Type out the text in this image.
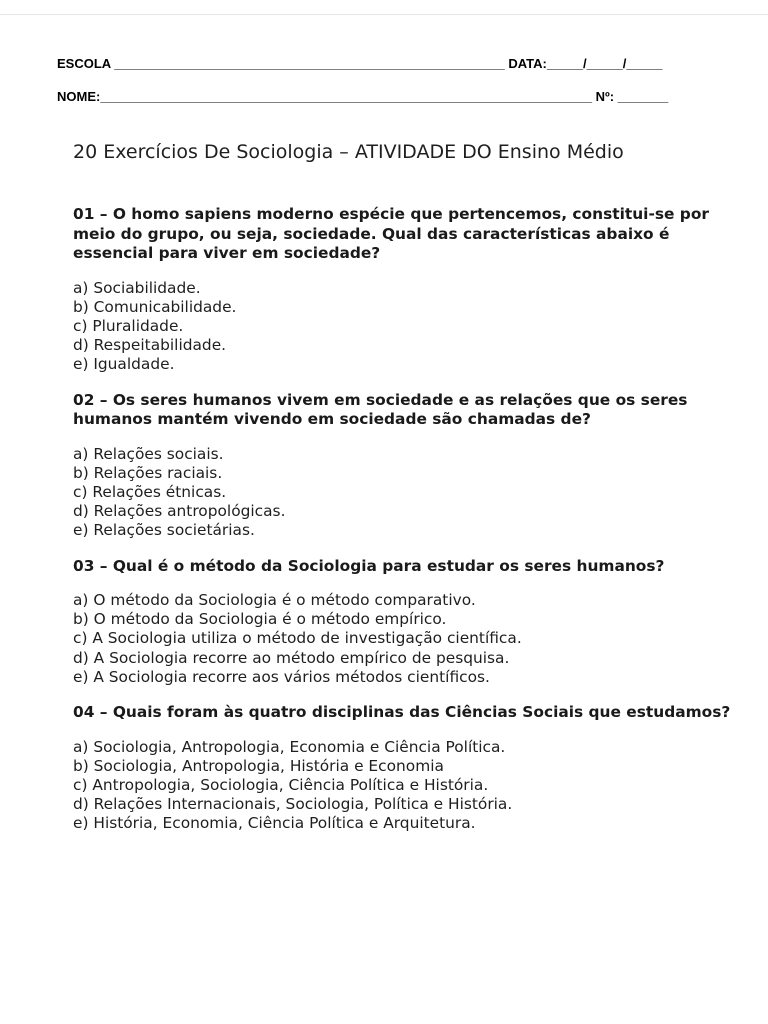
ESCOLA ______________________________________________________ DATA:_____/_____/_____
NOME:____________________________________________________________________ Nº: _______
20 Exercícios De Sociologia – ATIVIDADE DO Ensino Médio

01 – O homo sapiens moderno espécie que pertencemos, constitui-se por meio do grupo, ou seja, sociedade. Qual das características abaixo é essencial para viver em sociedade?

a) Sociabilidade.
b) Comunicabilidade.
c) Pluralidade.
d) Respeitabilidade.
e) Igualdade.

02 – Os seres humanos vivem em sociedade e as relações que os seres humanos mantém vivendo em sociedade são chamadas de?

a) Relações sociais.
b) Relações raciais.
c) Relações étnicas.
d) Relações antropológicas.
e) Relações societárias.

03 – Qual é o método da Sociologia para estudar os seres humanos?

a) O método da Sociologia é o método comparativo.
b) O método da Sociologia é o método empírico.
c) A Sociologia utiliza o método de investigação científica.
d) A Sociologia recorre ao método empírico de pesquisa.
e) A Sociologia recorre aos vários métodos científicos.

04 – Quais foram às quatro disciplinas das Ciências Sociais que estudamos?

a) Sociologia, Antropologia, Economia e Ciência Política.
b) Sociologia, Antropologia, História e Economia
c) Antropologia, Sociologia, Ciência Política e História.
d) Relações Internacionais, Sociologia, Política e História.
e) História, Economia, Ciência Política e Arquitetura.
